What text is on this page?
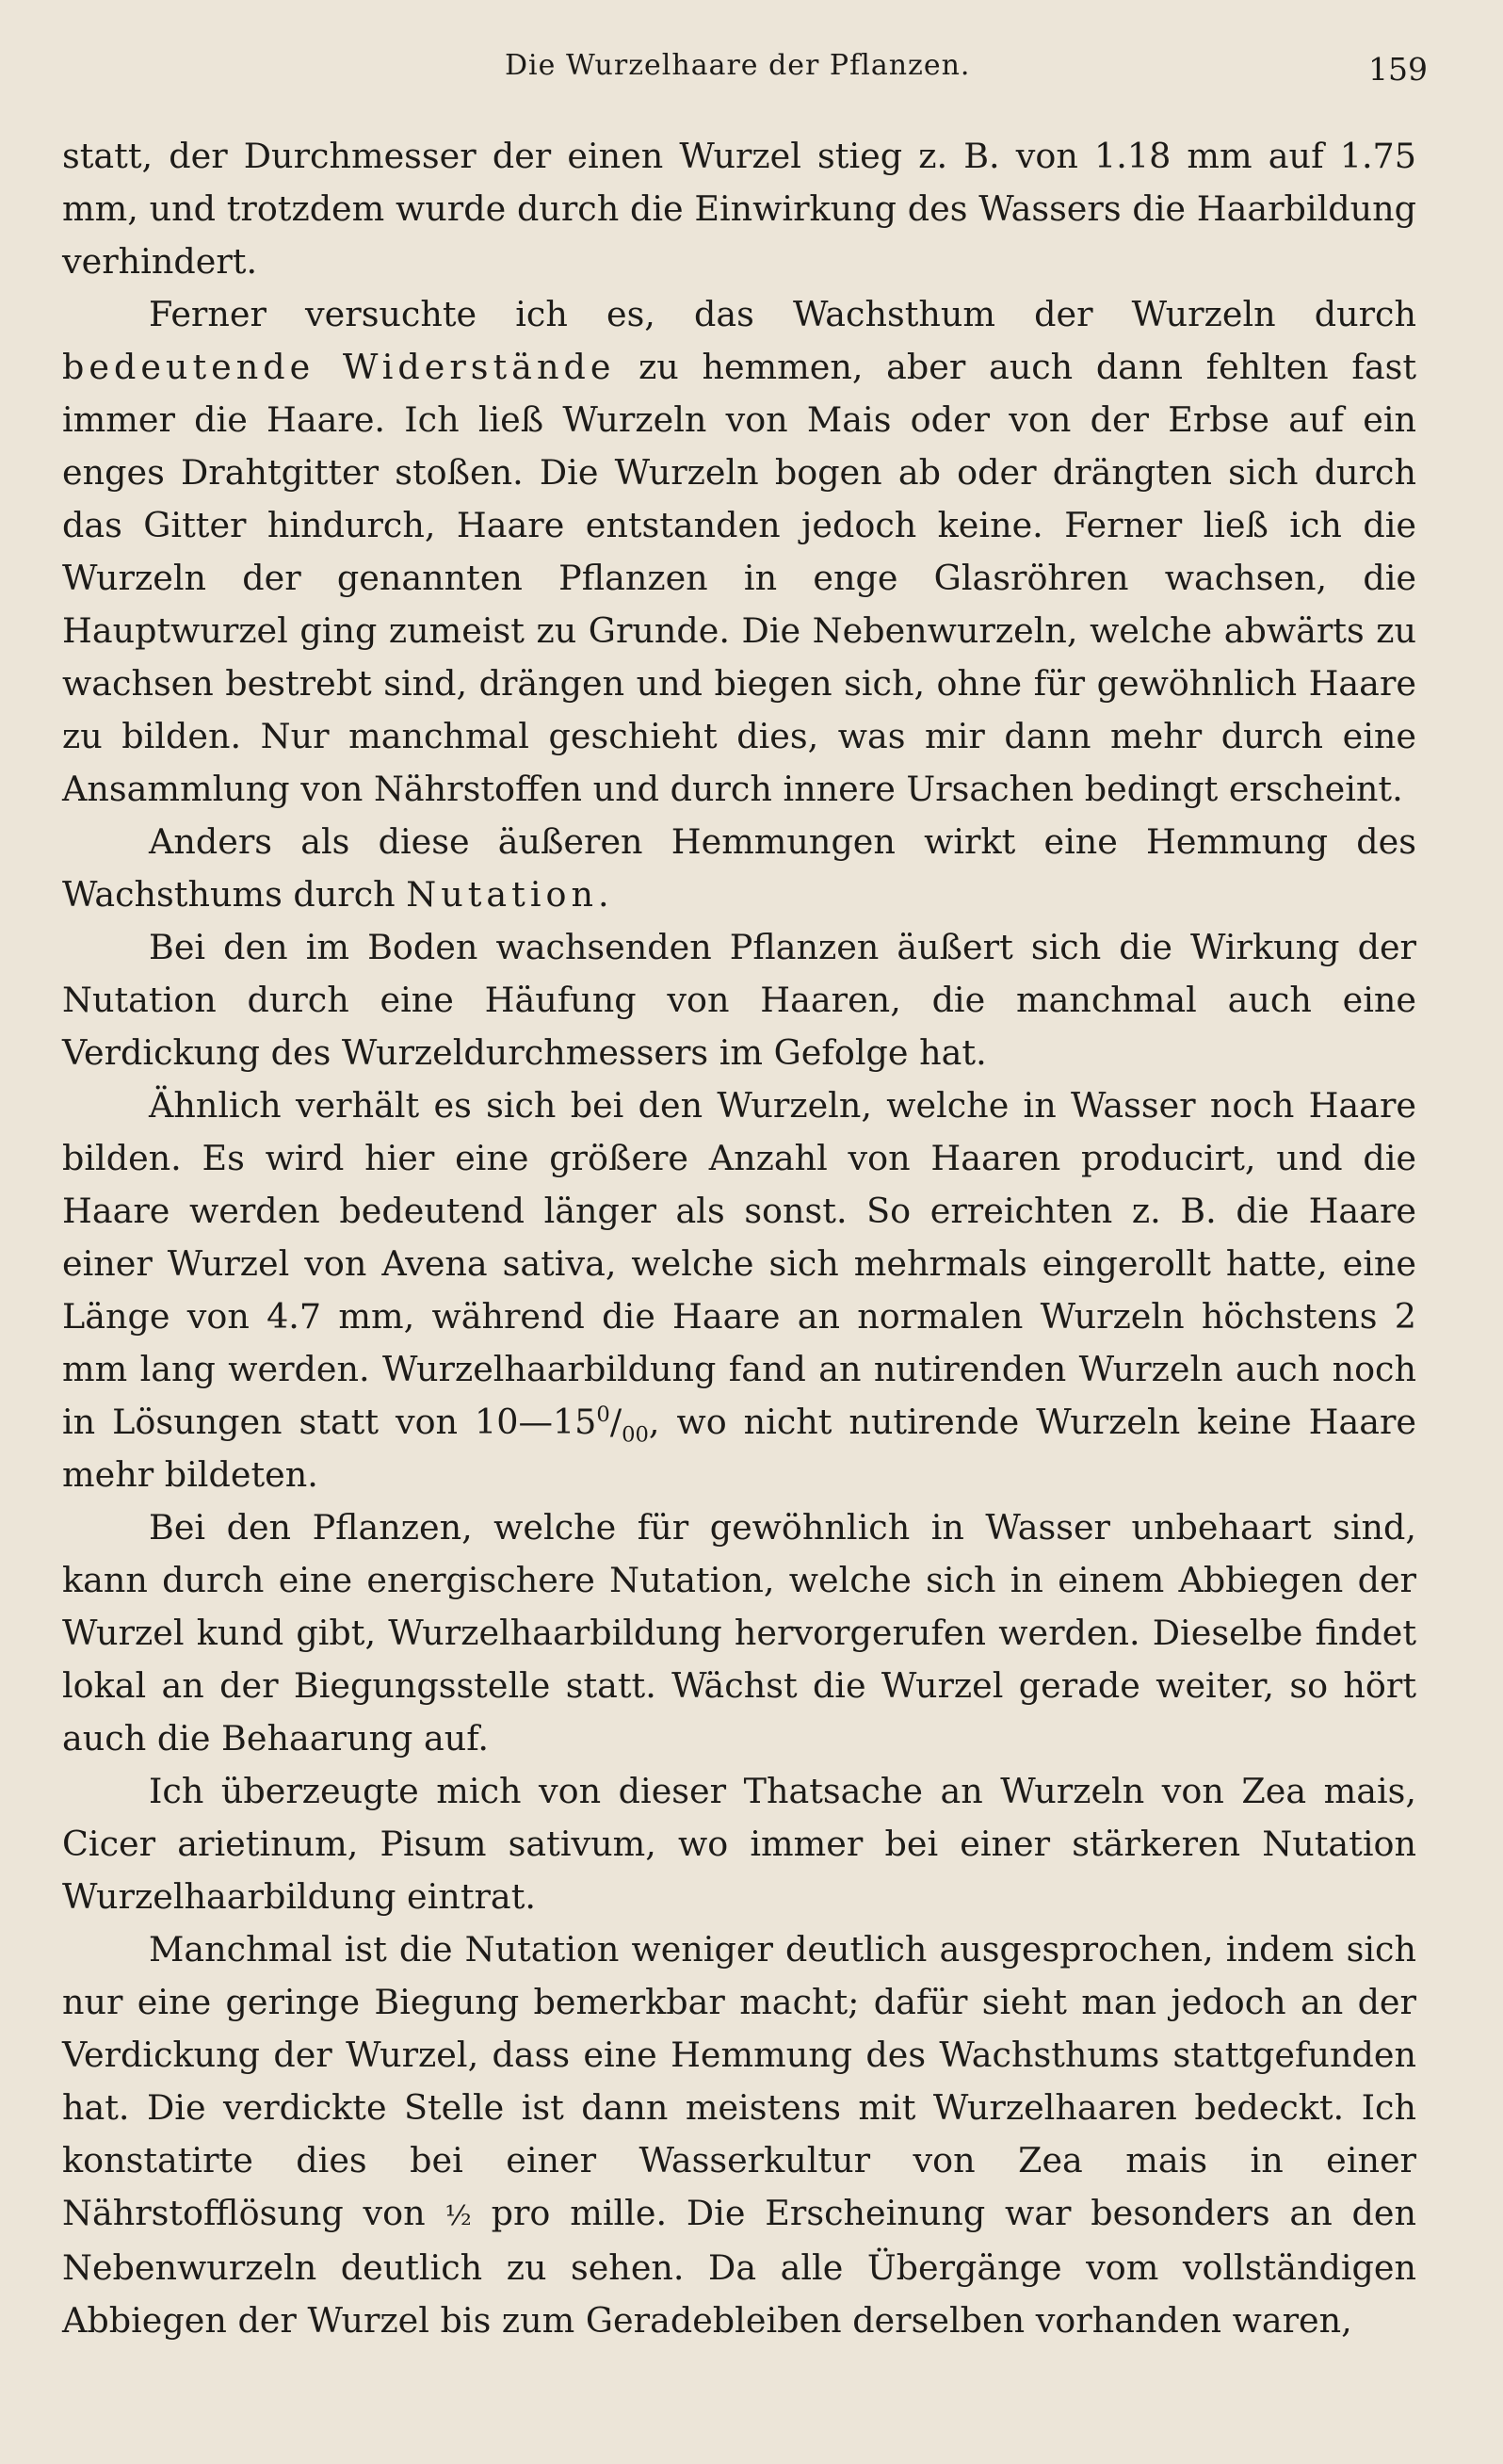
Die Wurzelhaare der Pflanzen.	159

statt, der Durchmesser der einen Wurzel stieg z. B. von 1.18 mm auf 1.75 mm, und trotzdem wurde durch die Einwirkung des Wassers die Haarbildung verhindert.

Ferner versuchte ich es, das Wachsthum der Wurzeln durch bedeutende Widerstände zu hemmen, aber auch dann fehlten fast immer die Haare. Ich ließ Wurzeln von Mais oder von der Erbse auf ein enges Drahtgitter stoßen. Die Wurzeln bogen ab oder drängten sich durch das Gitter hindurch, Haare entstanden jedoch keine. Ferner ließ ich die Wurzeln der genannten Pflanzen in enge Glasröhren wachsen, die Hauptwurzel ging zumeist zu Grunde. Die Nebenwurzeln, welche abwärts zu wachsen bestrebt sind, drängen und biegen sich, ohne für gewöhnlich Haare zu bilden. Nur manchmal geschieht dies, was mir dann mehr durch eine Ansammlung von Nährstoffen und durch innere Ursachen bedingt erscheint.

Anders als diese äußeren Hemmungen wirkt eine Hemmung des Wachsthums durch Nutation.

Bei den im Boden wachsenden Pflanzen äußert sich die Wirkung der Nutation durch eine Häufung von Haaren, die manchmal auch eine Verdickung des Wurzeldurchmessers im Gefolge hat.

Ähnlich verhält es sich bei den Wurzeln, welche in Wasser noch Haare bilden. Es wird hier eine größere Anzahl von Haaren producirt, und die Haare werden bedeutend länger als sonst. So erreichten z. B. die Haare einer Wurzel von Avena sativa, welche sich mehrmals eingerollt hatte, eine Länge von 4.7 mm, während die Haare an normalen Wurzeln höchstens 2 mm lang werden. Wurzelhaarbildung fand an nutirenden Wurzeln auch noch in Lösungen statt von $10—15^0/_{00}$, wo nicht nutirende Wurzeln keine Haare mehr bildeten.

Bei den Pflanzen, welche für gewöhnlich in Wasser unbehaart sind, kann durch eine energischere Nutation, welche sich in einem Abbiegen der Wurzel kund gibt, Wurzelhaarbildung hervorgerufen werden. Dieselbe findet lokal an der Biegungsstelle statt. Wächst die Wurzel gerade weiter, so hört auch die Behaarung auf.

Ich überzeugte mich von dieser Thatsache an Wurzeln von Zea mais, Cicer arietinum, Pisum sativum, wo immer bei einer stärkeren Nutation Wurzelhaarbildung eintrat.

Manchmal ist die Nutation weniger deutlich ausgesprochen, indem sich nur eine geringe Biegung bemerkbar macht; dafür sieht man jedoch an der Verdickung der Wurzel, dass eine Hemmung des Wachsthums stattgefunden hat. Die verdickte Stelle ist dann meistens mit Wurzelhaaren bedeckt. Ich konstatirte dies bei einer Wasserkultur von Zea mais in einer Nährstofflösung von ½ pro mille. Die Erscheinung war besonders an den Nebenwurzeln deutlich zu sehen. Da alle Übergänge vom vollständigen Abbiegen der Wurzel bis zum Geradebleiben derselben vorhanden waren,
